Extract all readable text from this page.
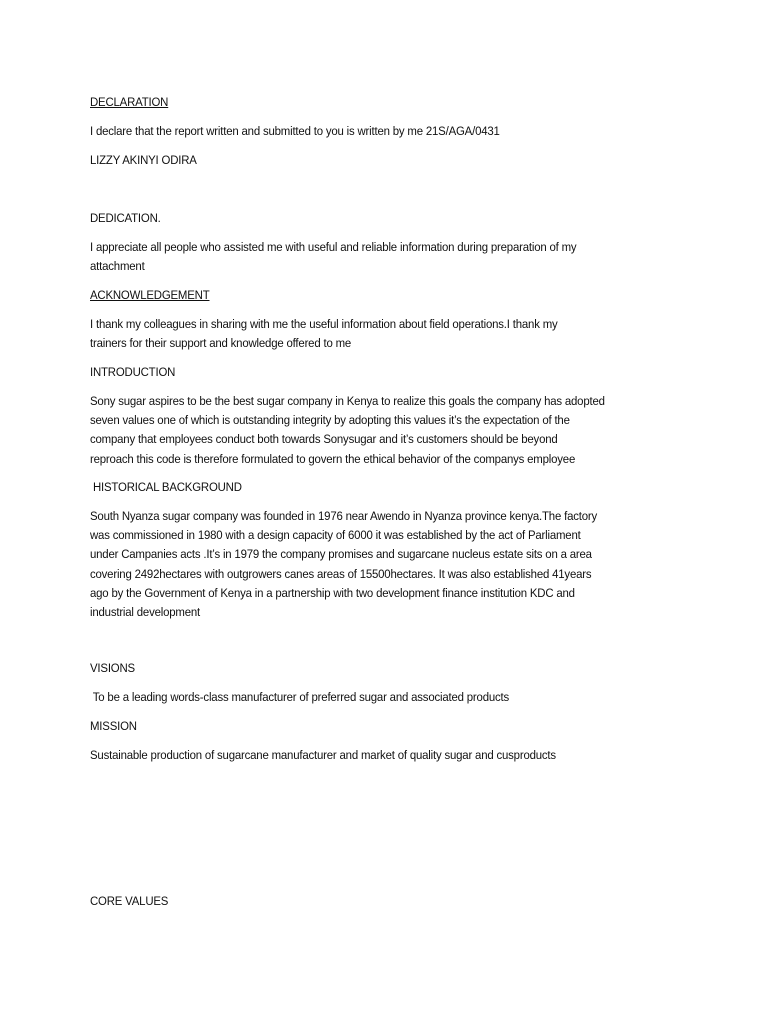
DECLARATION
I declare that the report written and submitted to you is written by me 21S/AGA/0431
LIZZY AKINYI ODIRA
DEDICATION.
I appreciate all people who assisted me with useful and reliable information during preparation of my
attachment
ACKNOWLEDGEMENT
I thank my colleagues in sharing with me the useful information about field operations.I thank my
trainers for their support and knowledge offered to me
INTRODUCTION
Sony sugar aspires to be the best sugar company in Kenya to realize this goals the company has adopted
seven values one of which is outstanding integrity by adopting this values it’s the expectation of the
company that employees conduct both towards Sonysugar and it’s customers should be beyond
reproach this code is therefore formulated to govern the ethical behavior of the companys employee
HISTORICAL BACKGROUND
South Nyanza sugar company was founded in 1976 near Awendo in Nyanza province kenya.The factory
was commissioned in 1980 with a design capacity of 6000 it was established by the act of Parliament
under Campanies acts .It’s in 1979 the company promises and sugarcane nucleus estate sits on a area
covering 2492hectares with outgrowers canes areas of 15500hectares. It was also established 41years
ago by the Government of Kenya in a partnership with two development finance institution KDC and
industrial development
VISIONS
To be a leading words-class manufacturer of preferred sugar and associated products
MISSION
Sustainable production of sugarcane manufacturer and market of quality sugar and cusproducts
CORE VALUES
